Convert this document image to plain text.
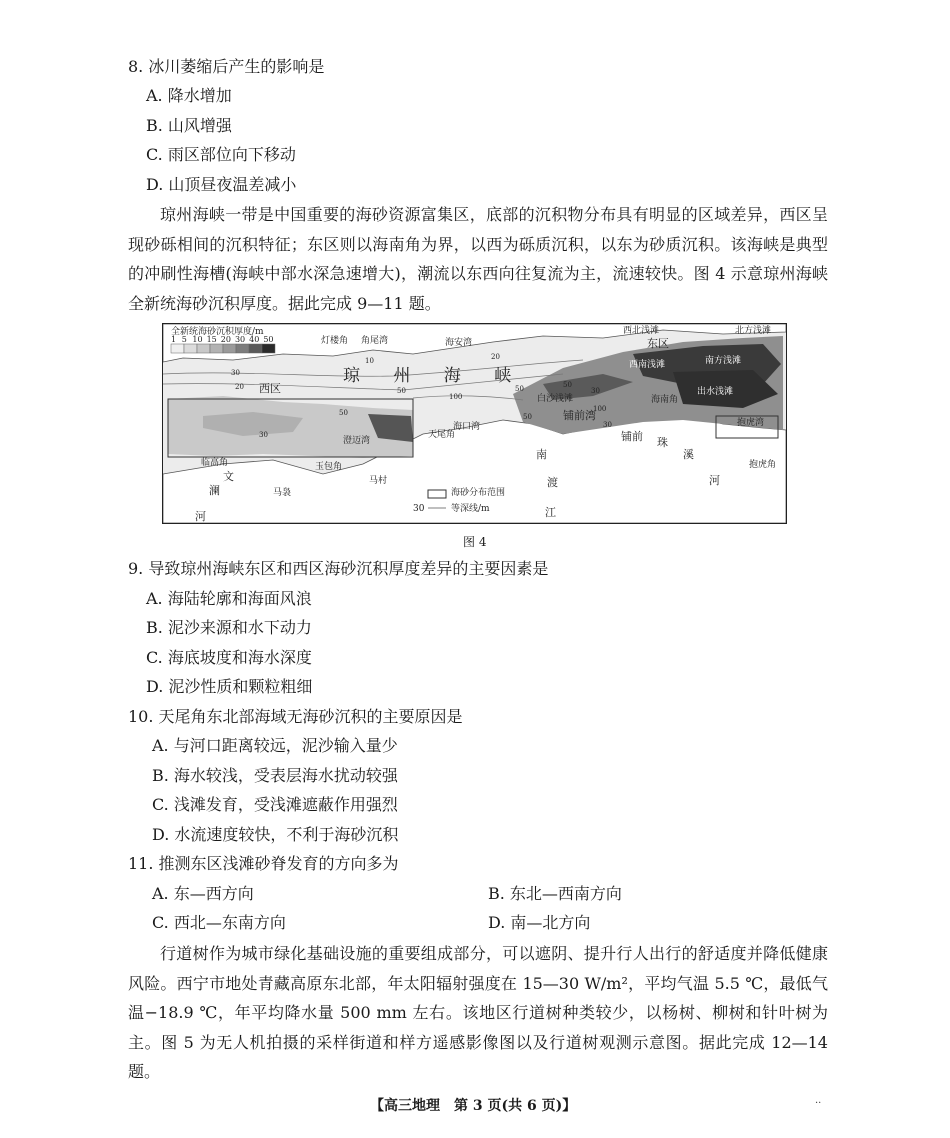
8. 冰川萎缩后产生的影响是
A. 降水增加
B. 山风增强
C. 雨区部位向下移动
D. 山顶昼夜温差减小
琼州海峡一带是中国重要的海砂资源富集区，底部的沉积物分布具有明显的区域差异，西区呈现砂砾相间的沉积特征；东区则以海南角为界，以西为砾质沉积，以东为砂质沉积。该海峡是典型的冲刷性海槽(海峡中部水深急速增大)，潮流以东西向往复流为主，流速较快。图 4 示意琼州海峡全新统海砂沉积厚度。据此完成 9—11 题。
全新统海砂沉积厚度/m
1   5   10  15  20  30  40  50	灯楼角 角尾湾	海安湾
西北浅滩	北方浅滩
东区
西南浅滩	南方浅滩
出水浅滩
海南角
抱虎湾
抱虎角
白沙浅滩
铺前湾
铺前 珠
溪
河
琼 州 海 峡
西区
澄迈湾
天尾角
海口湾
南
渡
江
临高角
文
澜
河
玉包角
马袅
马村
海砂分布范围
等深线/m
30
10	20
30
50
100
50
30
50
50
30
100
20
30
50
图 4
9. 导致琼州海峡东区和西区海砂沉积厚度差异的主要因素是
A. 海陆轮廓和海面风浪
B. 泥沙来源和水下动力
C. 海底坡度和海水深度
D. 泥沙性质和颗粒粗细
10. 天尾角东北部海域无海砂沉积的主要原因是
A. 与河口距离较远，泥沙输入量少
B. 海水较浅，受表层海水扰动较强
C. 浅滩发育，受浅滩遮蔽作用强烈
D. 水流速度较快，不利于海砂沉积
11. 推测东区浅滩砂脊发育的方向多为
A. 东—西方向	B. 东北—西南方向
C. 西北—东南方向	D. 南—北方向
行道树作为城市绿化基础设施的重要组成部分，可以遮阴、提升行人出行的舒适度并降低健康风险。西宁市地处青藏高原东北部，年太阳辐射强度在 15—30 W/m²，平均气温 5.5 ℃，最低气温−18.9 ℃，年平均降水量 500 mm 左右。该地区行道树种类较少，以杨树、柳树和针叶树为主。图 5 为无人机拍摄的采样街道和样方遥感影像图以及行道树观测示意图。据此完成 12—14 题。
【高三地理　第 3 页(共 6 页)】	··
